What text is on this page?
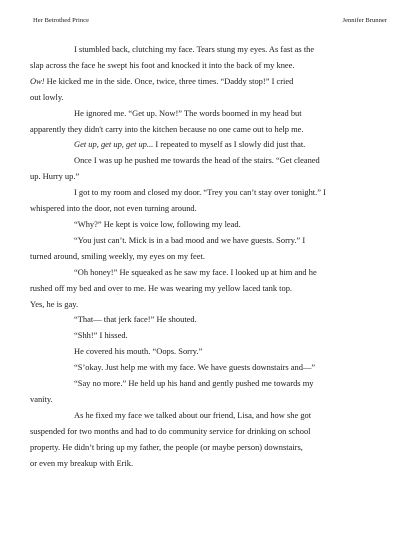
Her Betrothed Prince	Jennifer Brunner

I stumbled back, clutching my face. Tears stung my eyes. As fast as the
slap across the face he swept his foot and knocked it into the back of my knee.
Ow! He kicked me in the side. Once, twice, three times. “Daddy stop!” I cried
out lowly.

He ignored me. “Get up. Now!” The words boomed in my head but
apparently they didn't carry into the kitchen because no one came out to help me.

Get up, get up, get up... I repeated to myself as I slowly did just that.

Once I was up he pushed me towards the head of the stairs. “Get cleaned
up. Hurry up.”

I got to my room and closed my door. “Trey you can’t stay over tonight.” I
whispered into the door, not even turning around.

“Why?” He kept is voice low, following my lead.

“You just can’t. Mick is in a bad mood and we have guests. Sorry.” I
turned around, smiling weekly, my eyes on my feet.

“Oh honey!” He squeaked as he saw my face. I looked up at him and he
rushed off my bed and over to me. He was wearing my yellow laced tank top.
Yes, he is gay.

“That— that jerk face!” He shouted.

“Shh!” I hissed.

He covered his mouth. “Oops. Sorry.”

“S’okay. Just help me with my face. We have guests downstairs and—”

“Say no more.” He held up his hand and gently pushed me towards my
vanity.

As he fixed my face we talked about our friend, Lisa, and how she got
suspended for two months and had to do community service for drinking on school
property. He didn’t bring up my father, the people (or maybe person) downstairs,
or even my breakup with Erik.
